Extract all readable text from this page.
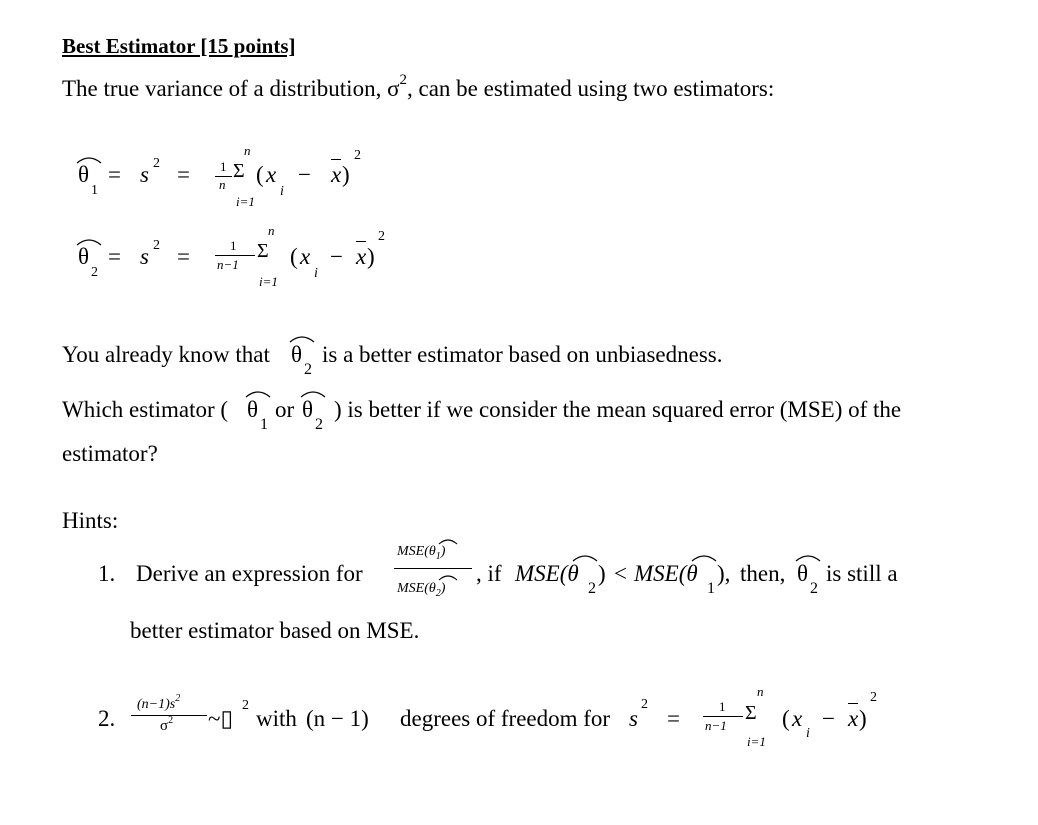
Best Estimator [15 points]
The true variance of a distribution, $\sigma^2$, can be estimated using two estimators:
θ
1
= s 2 = 1
n
n
Σ
i=1
( x
i
− x )
2
θ
2
= s 2 =	1
n−1
n
Σ
i=1
( x
i
− x )
2
You already know that θ
2
is a better estimator based on unbiasedness.
Which estimator ( θ
1
or θ
2
) is better if we consider the mean squared error (MSE) of the
estimator?
Hints:
1. Derive an expression for
$MSE(\theta_1)$
$MSE(\theta_2)$
, if MSE(θ
2
) < MSE(θ
1
), then, θ
2
is still a
better estimator based on MSE.
2.
$(n-1)s^2$
$\sigma^2$ ~▯
2
with (n − 1) degrees of freedom for s
2
=	1
n−1
n
Σ
i=1
( x
i
− x )
2
